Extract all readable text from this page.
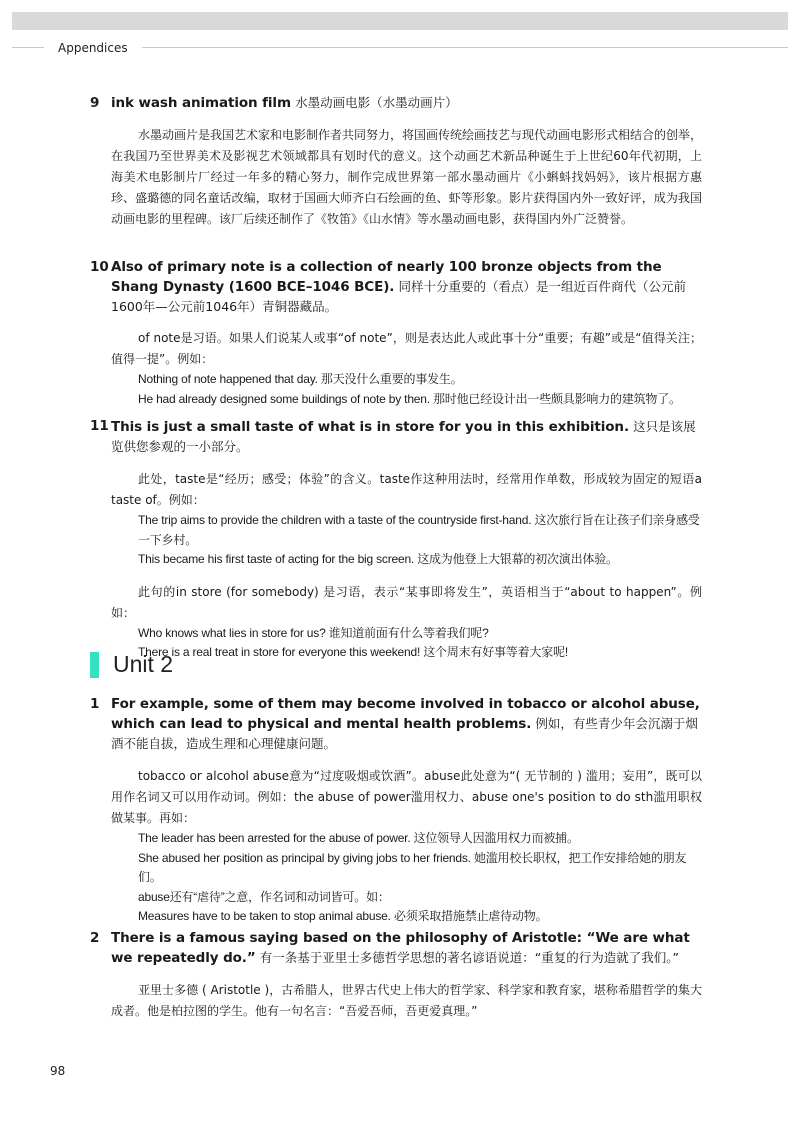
Appendices
9 ink wash animation film 水墨动画电影（水墨动画片）

水墨动画片是我国艺术家和电影制作者共同努力，将国画传统绘画技艺与现代动画电影形式相结合的创举，在我国乃至世界美术及影视艺术领域都具有划时代的意义。这个动画艺术新品种诞生于上世纪60年代初期，上海美术电影制片厂经过一年多的精心努力，制作完成世界第一部水墨动画片《小蝌蚪找妈妈》，该片根据方惠珍、盛璐德的同名童话改编，取材于国画大师齐白石绘画的鱼、虾等形象。影片获得国内外一致好评，成为我国动画电影的里程碑。该厂后续还制作了《牧笛》《山水情》等水墨动画电影，获得国内外广泛赞誉。

10 Also of primary note is a collection of nearly 100 bronze objects from the Shang Dynasty (1600 BCE–1046 BCE). 同样十分重要的（看点）是一组近百件商代（公元前1600年—公元前1046年）青铜器藏品。

of note是习语。如果人们说某人或事“of note”，则是表达此人或此事十分“重要；有趣”或是“值得关注；值得一提”。例如：

Nothing of note happened that day. 那天没什么重要的事发生。

He had already designed some buildings of note by then. 那时他已经设计出一些颇具影响力的建筑物了。

11 This is just a small taste of what is in store for you in this exhibition. 这只是该展览供您参观的一小部分。

此处，taste是“经历；感受；体验”的含义。taste作这种用法时，经常用作单数，形成较为固定的短语a taste of。例如：

The trip aims to provide the children with a taste of the countryside first-hand. 这次旅行旨在让孩子们亲身感受一下乡村。

This became his first taste of acting for the big screen. 这成为他登上大银幕的初次演出体验。

此句的in store (for somebody) 是习语，表示“某事即将发生”，英语相当于“about to happen”。例如：

Who knows what lies in store for us? 谁知道前面有什么等着我们呢?

There is a real treat in store for everyone this weekend! 这个周末有好事等着大家呢!

Unit 2
1 For example, some of them may become involved in tobacco or alcohol abuse, which can lead to physical and mental health problems. 例如，有些青少年会沉溺于烟酒不能自拔，造成生理和心理健康问题。

tobacco or alcohol abuse意为“过度吸烟或饮酒”。abuse此处意为“( 无节制的 ) 滥用；妄用”，既可以用作名词又可以用作动词。例如：the abuse of power滥用权力、abuse one's position to do sth滥用职权做某事。再如：

The leader has been arrested for the abuse of power. 这位领导人因滥用权力而被捕。

She abused her position as principal by giving jobs to her friends. 她滥用校长职权，把工作安排给她的朋友们。

abuse还有“虐待”之意，作名词和动词皆可。如：

Measures have to be taken to stop animal abuse. 必须采取措施禁止虐待动物。

2 There is a famous saying based on the philosophy of Aristotle: “We are what we repeatedly do.” 有一条基于亚里士多德哲学思想的著名谚语说道：“重复的行为造就了我们。”

亚里士多德 ( Aristotle )，古希腊人，世界古代史上伟大的哲学家、科学家和教育家，堪称希腊哲学的集大成者。他是柏拉图的学生。他有一句名言：“吾爱吾师，吾更爱真理。”

98
